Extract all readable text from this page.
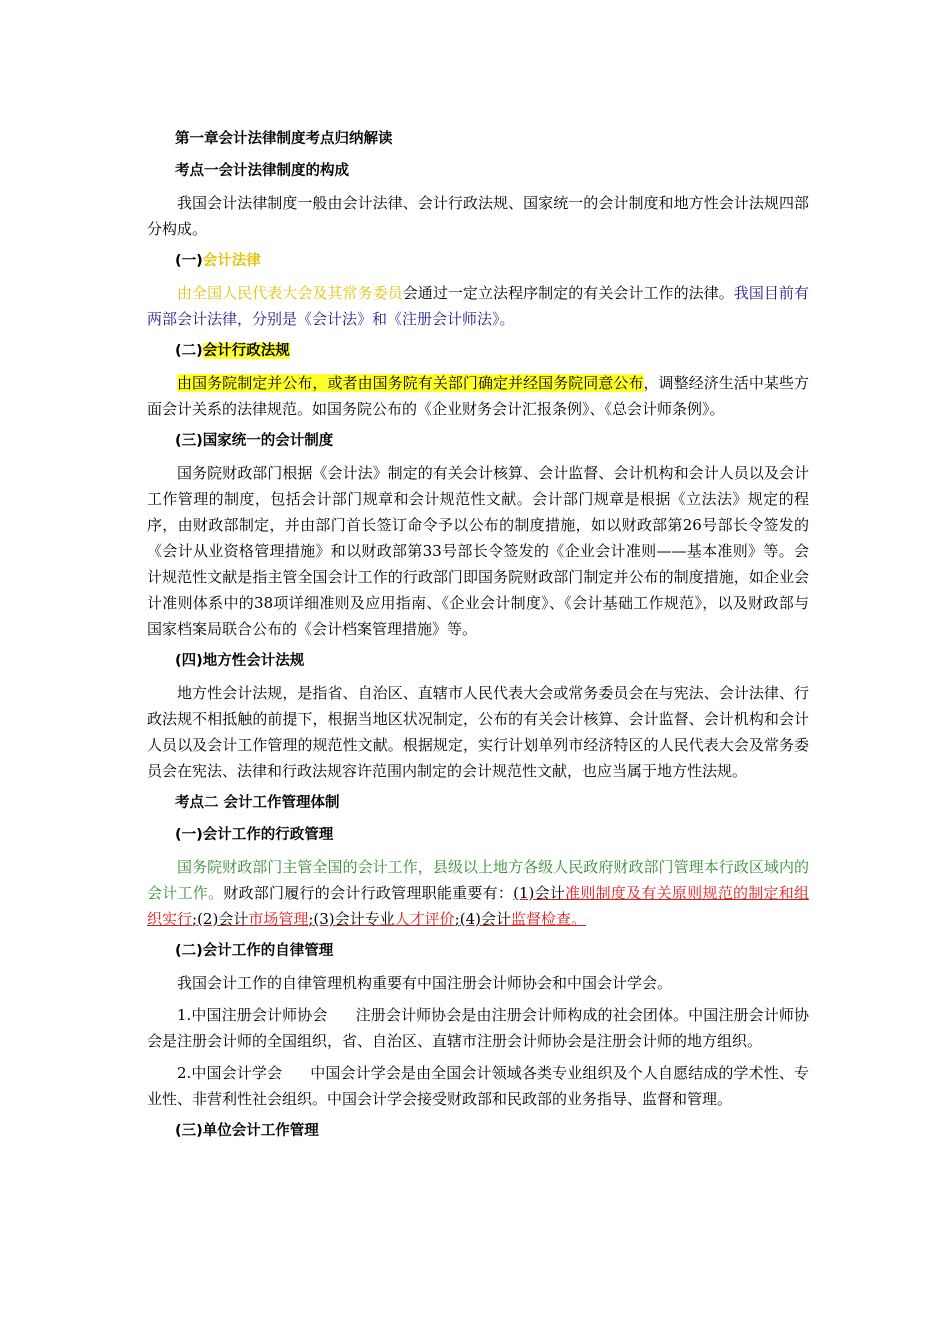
第一章会计法律制度考点归纳解读
考点一会计法律制度的构成

我国会计法律制度一般由会计法律、会计行政法规、国家统一的会计制度和地方性会计法规四部分构成。

(一)会计法律

由全国人民代表大会及其常务委员会通过一定立法程序制定的有关会计工作的法律。我国目前有两部会计法律，分别是《会计法》和《注册会计师法》。

(二)会计行政法规

由国务院制定并公布，或者由国务院有关部门确定并经国务院同意公布，调整经济生活中某些方面会计关系的法律规范。如国务院公布的《企业财务会计汇报条例》、《总会计师条例》。

(三)国家统一的会计制度

国务院财政部门根据《会计法》制定的有关会计核算、会计监督、会计机构和会计人员以及会计工作管理的制度，包括会计部门规章和会计规范性文献。会计部门规章是根据《立法法》规定的程序，由财政部制定，并由部门首长签订命令予以公布的制度措施，如以财政部第26号部长令签发的《会计从业资格管理措施》和以财政部第33号部长令签发的《企业会计准则——基本准则》等。会计规范性文献是指主管全国会计工作的行政部门即国务院财政部门制定并公布的制度措施，如企业会计准则体系中的38项详细准则及应用指南、《企业会计制度》、《会计基础工作规范》，以及财政部与国家档案局联合公布的《会计档案管理措施》等。

(四)地方性会计法规

地方性会计法规，是指省、自治区、直辖市人民代表大会或常务委员会在与宪法、会计法律、行政法规不相抵触的前提下，根据当地区状况制定，公布的有关会计核算、会计监督、会计机构和会计人员以及会计工作管理的规范性文献。根据规定，实行计划单列市经济特区的人民代表大会及常务委员会在宪法、法律和行政法规容许范围内制定的会计规范性文献，也应当属于地方性法规。

考点二 会计工作管理体制
(一)会计工作的行政管理

国务院财政部门主管全国的会计工作，县级以上地方各级人民政府财政部门管理本行政区域内的会计工作。财政部门履行的会计行政管理职能重要有：(1)会计准则制度及有关原则规范的制定和组织实行;(2)会计市场管理;(3)会计专业人才评价;(4)会计监督检查。

(二)会计工作的自律管理

我国会计工作的自律管理机构重要有中国注册会计师协会和中国会计学会。

1.中国注册会计师协会 注册会计师协会是由注册会计师构成的社会团体。中国注册会计师协会是注册会计师的全国组织，省、自治区、直辖市注册会计师协会是注册会计师的地方组织。

2.中国会计学会 中国会计学会是由全国会计领域各类专业组织及个人自愿结成的学术性、专业性、非营利性社会组织。中国会计学会接受财政部和民政部的业务指导、监督和管理。

(三)单位会计工作管理
